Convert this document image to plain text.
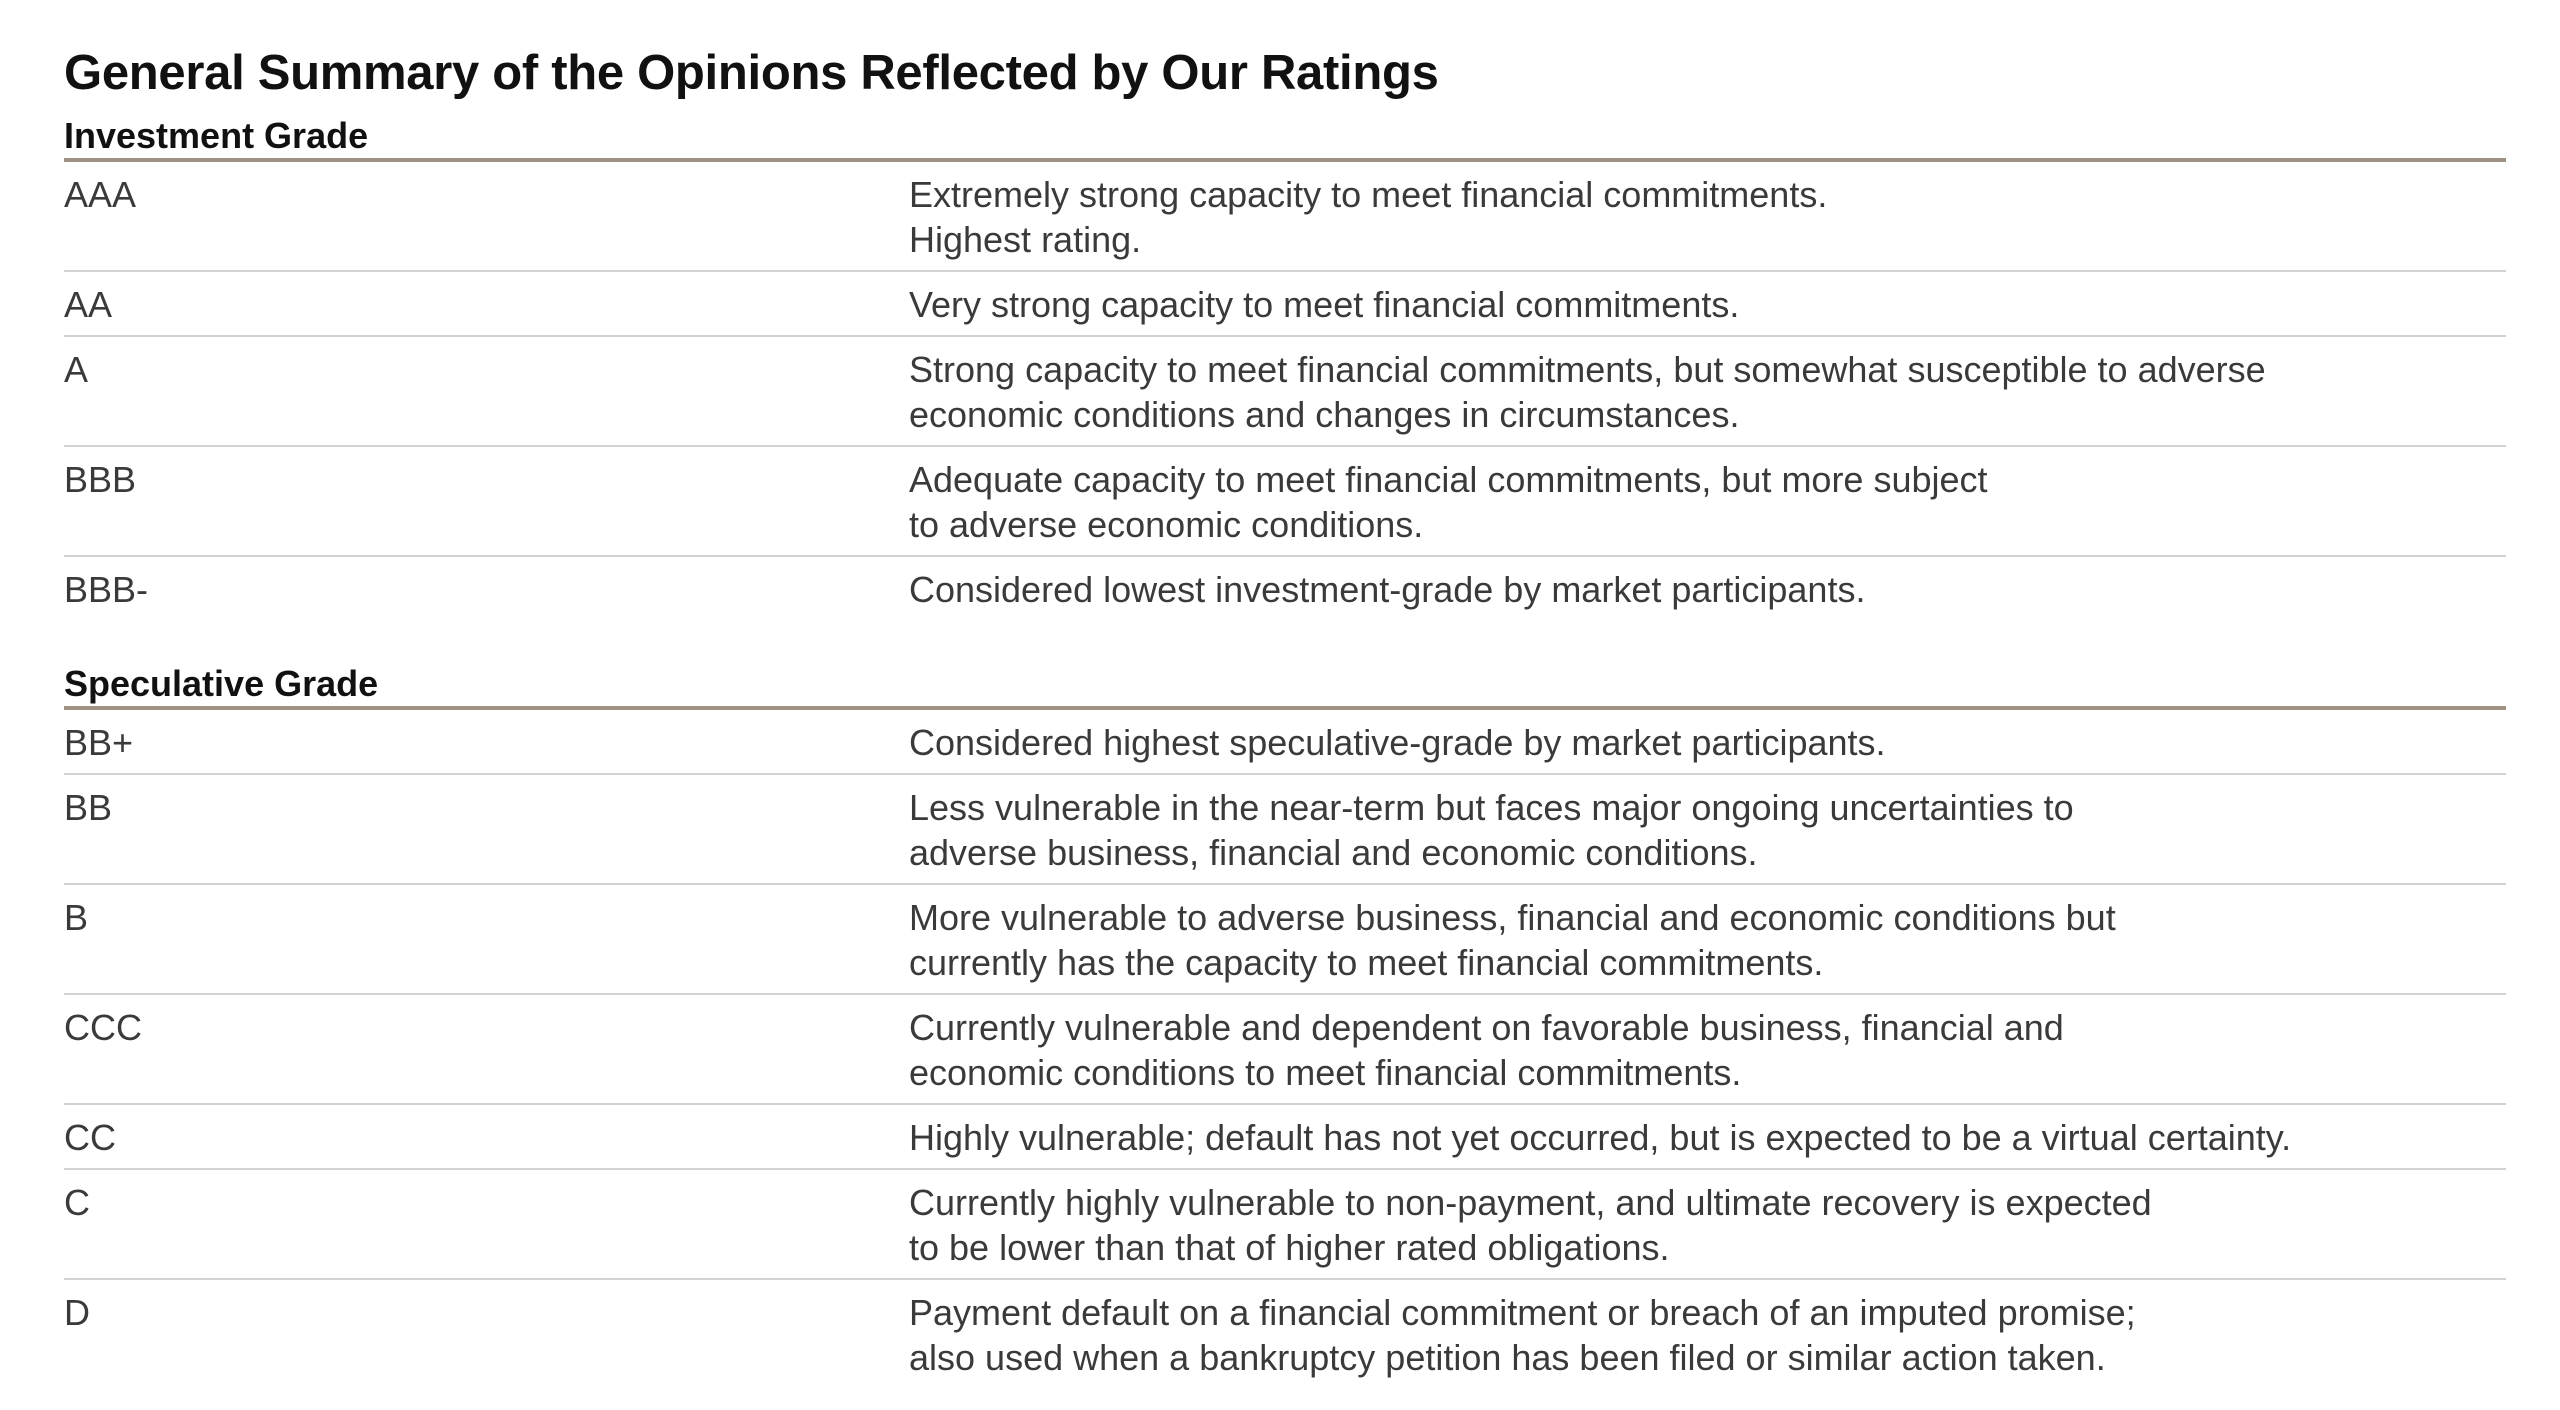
General Summary of the Opinions Reflected by Our Ratings
Investment Grade
AAA	Extremely strong capacity to meet financial commitments.
Highest rating.
AA	Very strong capacity to meet financial commitments.
A	Strong capacity to meet financial commitments, but somewhat susceptible to adverse
economic conditions and changes in circumstances.
BBB	Adequate capacity to meet financial commitments, but more subject
to adverse economic conditions.
BBB-	Considered lowest investment-grade by market participants.
Speculative Grade
BB+	Considered highest speculative-grade by market participants.
BB	Less vulnerable in the near-term but faces major ongoing uncertainties to
adverse business, financial and economic conditions.
B	More vulnerable to adverse business, financial and economic conditions but
currently has the capacity to meet financial commitments.
CCC	Currently vulnerable and dependent on favorable business, financial and
economic conditions to meet financial commitments.
CC	Highly vulnerable; default has not yet occurred, but is expected to be a virtual certainty.
C	Currently highly vulnerable to non-payment, and ultimate recovery is expected
to be lower than that of higher rated obligations.
D	Payment default on a financial commitment or breach of an imputed promise;
also used when a bankruptcy petition has been filed or similar action taken.
